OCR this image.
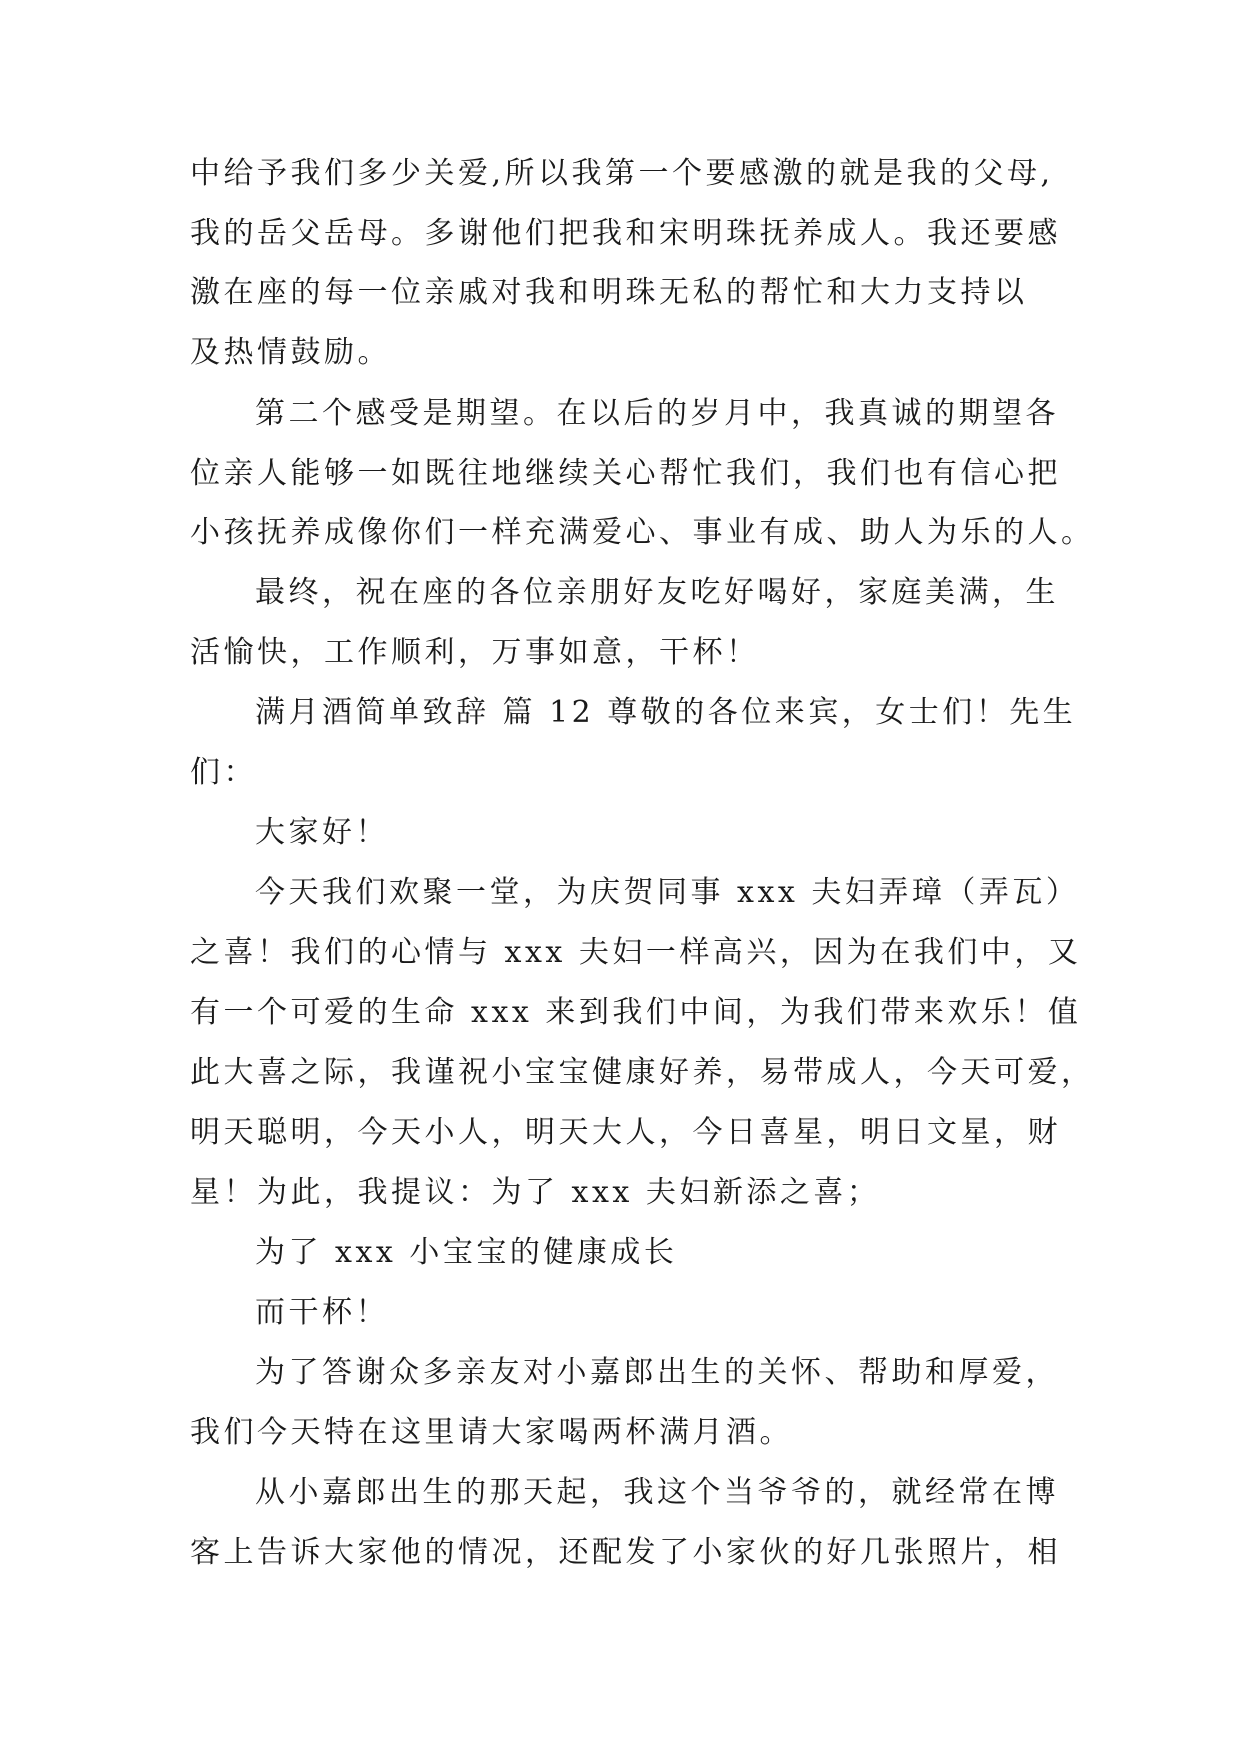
中给予我们多少关爱,所以我第一个要感激的就是我的父母,

我的岳父岳母。多谢他们把我和宋明珠抚养成人。我还要感

激在座的每一位亲戚对我和明珠无私的帮忙和大力支持以

及热情鼓励。

第二个感受是期望。在以后的岁月中，我真诚的期望各

位亲人能够一如既往地继续关心帮忙我们，我们也有信心把

小孩抚养成像你们一样充满爱心、事业有成、助人为乐的人。

最终，祝在座的各位亲朋好友吃好喝好，家庭美满，生

活愉快，工作顺利，万事如意，干杯！

满月酒简单致辞 篇 12 尊敬的各位来宾，女士们！先生

们：

大家好！

今天我们欢聚一堂，为庆贺同事 xxx 夫妇弄璋（弄瓦）

之喜！我们的心情与 xxx 夫妇一样高兴，因为在我们中，又

有一个可爱的生命 xxx 来到我们中间，为我们带来欢乐！值

此大喜之际，我谨祝小宝宝健康好养，易带成人，今天可爱，

明天聪明，今天小人，明天大人，今日喜星，明日文星，财

星！为此，我提议：为了 xxx 夫妇新添之喜；

为了 xxx 小宝宝的健康成长

而干杯！

为了答谢众多亲友对小嘉郎出生的关怀、帮助和厚爱，

我们今天特在这里请大家喝两杯满月酒。

从小嘉郎出生的那天起，我这个当爷爷的，就经常在博

客上告诉大家他的情况，还配发了小家伙的好几张照片，相
